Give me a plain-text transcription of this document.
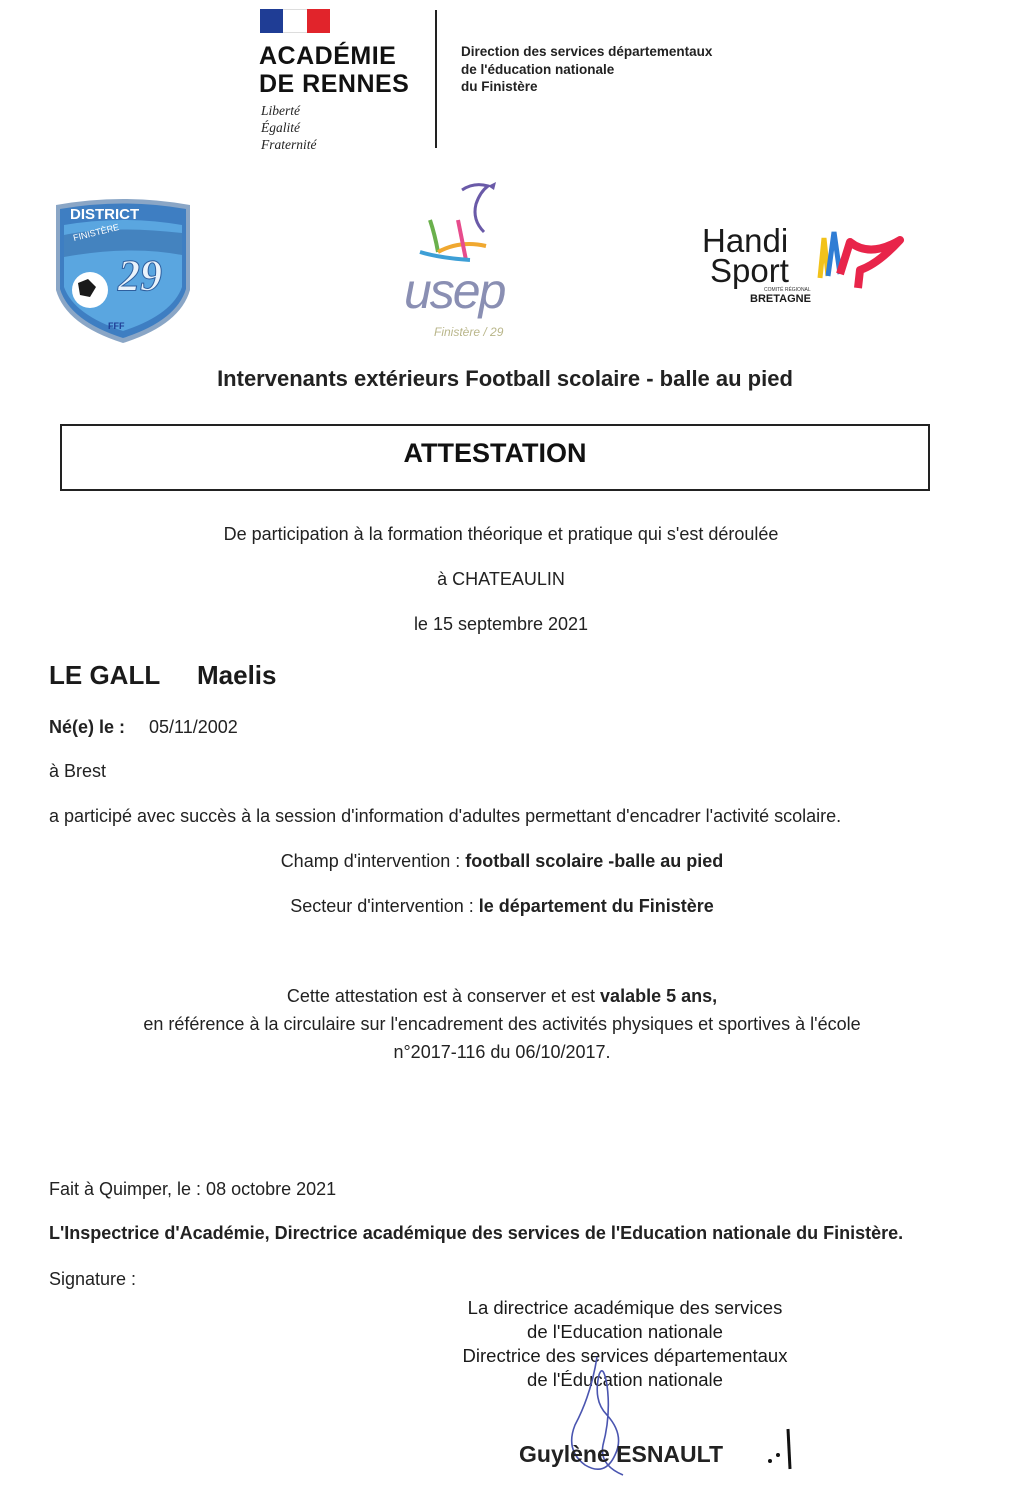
ACADÉMIE
DE RENNES
Liberté
Égalité
Fraternité
Direction des services départementaux
de l'éducation nationale
du Finistère
DISTRICT
FINISTÈRE
29
FFF
usep
Finistère / 29
Handi
Sport
COMITÉ RÉGIONAL
BRETAGNE
Intervenants extérieurs Football scolaire - balle au pied
ATTESTATION
De participation à la formation théorique et pratique qui s'est déroulée
à CHATEAULIN
le 15 septembre 2021
LE GALL Maelis
Né(e) le : 05/11/2002
à Brest
a participé avec succès à la session d'information d'adultes permettant d'encadrer l'activité scolaire.
Champ d'intervention : football scolaire -balle au pied
Secteur d'intervention : le département du Finistère
Cette attestation est à conserver et est valable 5 ans,
en référence à la circulaire sur l'encadrement des activités physiques et sportives à l'école
n°2017-116 du 06/10/2017.
Fait à Quimper, le : 08 octobre 2021
L'Inspectrice d'Académie, Directrice académique des services de l'Education nationale du Finistère.
Signature :
La directrice académique des services
de l'Education nationale
Directrice des services départementaux
de l'Éducation nationale
Guylène ESNAULT
